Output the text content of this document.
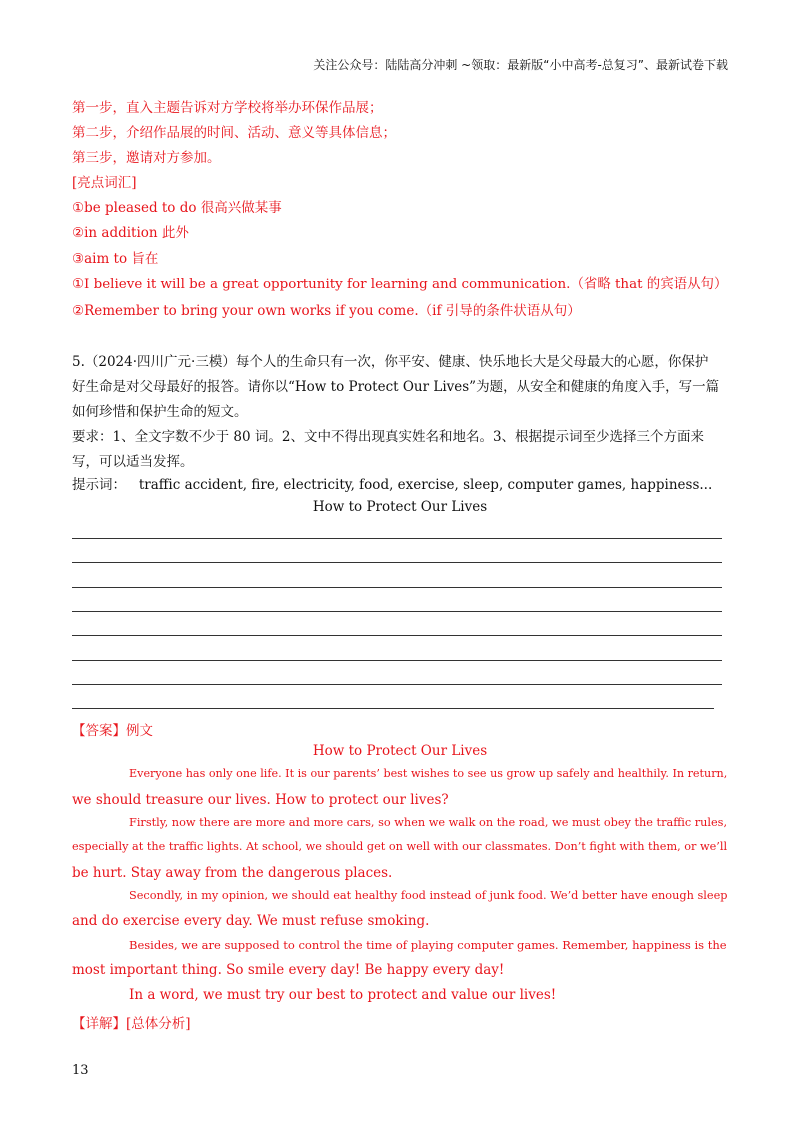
关注公众号：陆陆高分冲刺 ~领取：最新版“小中高考-总复习”、最新试卷下载
第一步，直入主题告诉对方学校将举办环保作品展；
第二步，介绍作品展的时间、活动、意义等具体信息；
第三步，邀请对方参加。
[亮点词汇]
①be pleased to do 很高兴做某事
②in addition 此外
③aim to 旨在
①I believe it will be a great opportunity for learning and communication.（省略 that 的宾语从句）
②Remember to bring your own works if you come.（if 引导的条件状语从句）
5.（2024·四川广元·三模）每个人的生命只有一次，你平安、健康、快乐地长大是父母最大的心愿，你保护
好生命是对父母最好的报答。请你以“How to Protect Our Lives”为题，从安全和健康的角度入手，写一篇
如何珍惜和保护生命的短文。
要求：1、全文字数不少于 80 词。2、文中不得出现真实姓名和地名。3、根据提示词至少选择三个方面来
写，可以适当发挥。
提示词： traffic accident, fire, electricity, food, exercise, sleep, computer games, happiness...
How to Protect Our Lives
【答案】例文
How to Protect Our Lives
Everyone has only one life. It is our parents’ best wishes to see us grow up safely and healthily. In return,
we should treasure our lives. How to protect our lives?
Firstly, now there are more and more cars, so when we walk on the road, we must obey the traffic rules,
especially at the traffic lights. At school, we should get on well with our classmates. Don’t fight with them, or we’ll
be hurt. Stay away from the dangerous places.
Secondly, in my opinion, we should eat healthy food instead of junk food. We’d better have enough sleep
and do exercise every day. We must refuse smoking.
Besides, we are supposed to control the time of playing computer games. Remember, happiness is the
most important thing. So smile every day! Be happy every day!
In a word, we must try our best to protect and value our lives!
【详解】[总体分析]
13
